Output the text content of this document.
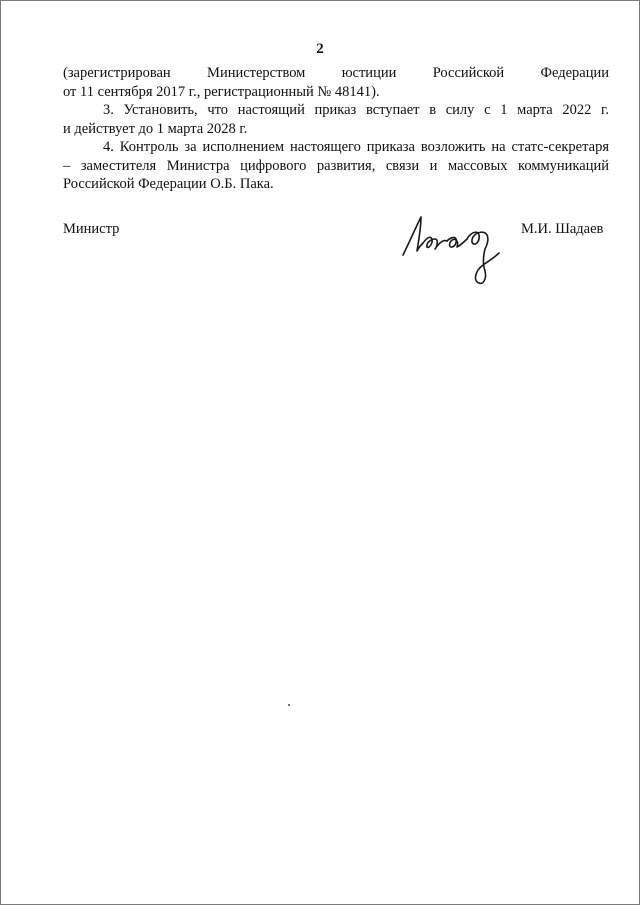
2

(зарегистрирован Министерством юстиции Российской Федерации
от 11 сентября 2017 г., регистрационный № 48141).

3. Установить, что настоящий приказ вступает в силу с 1 марта 2022 г.
и действует до 1 марта 2028 г.

4. Контроль за исполнением настоящего приказа возложить на статс-секретаря
– заместителя Министра цифрового развития, связи и массовых коммуникаций
Российской Федерации О.Б. Пака.

Министр	М.И. Шадаев
